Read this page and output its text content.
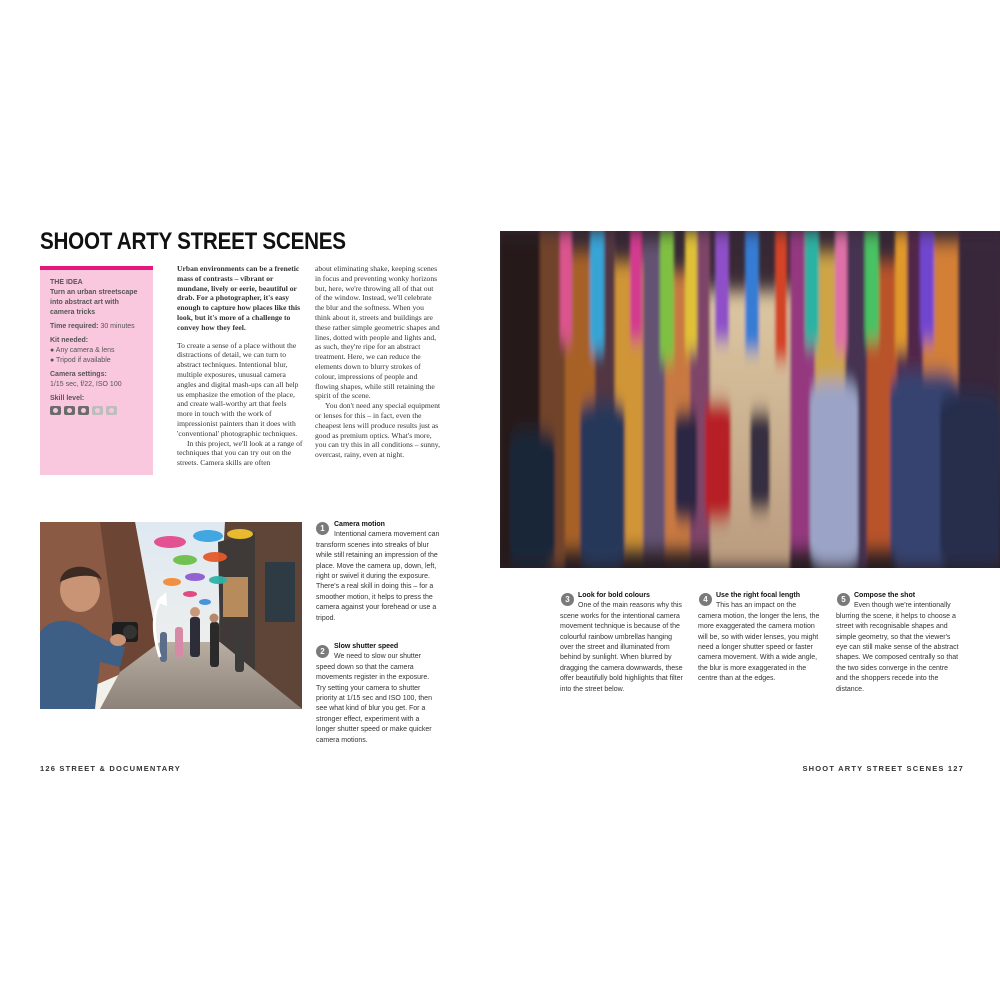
SHOOT ARTY STREET SCENES
THE IDEA
Turn an urban streetscape into abstract art with camera tricks
Time required: 30 minutes
Kit needed:
● Any camera & lens
● Tripod if available
Camera settings:
1/15 sec, f/22, ISO 100
Skill level:

Urban environments can be a frenetic mass of contrasts – vibrant or mundane, lively or eerie, beautiful or drab. For a photographer, it's easy enough to capture how places like this look, but it's more of a challenge to convey how they feel.

To create a sense of a place without the distractions of detail, we can turn to abstract techniques. Intentional blur, multiple exposures, unusual camera angles and digital mash-ups can all help us emphasize the emotion of the place, and create wall-worthy art that feels more in touch with the work of impressionist painters than it does with 'conventional' photographic techniques.

In this project, we'll look at a range of techniques that you can try out on the streets. Camera skills are often

about eliminating shake, keeping scenes in focus and preventing wonky horizons but, here, we're throwing all of that out of the window. Instead, we'll celebrate the blur and the softness. When you think about it, streets and buildings are these rather simple geometric shapes and lines, dotted with people and lights and, as such, they're ripe for an abstract treatment. Here, we can reduce the elements down to blurry strokes of colour, impressions of people and flowing shapes, while still retaining the spirit of the scene.

You don't need any special equipment or lenses for this – in fact, even the cheapest lens will produce results just as good as premium optics. What's more, you can try this in all conditions – sunny, overcast, rainy, even at night.

1	Camera motion

Intentional camera movement can transform scenes into streaks of blur while still retaining an impression of the place. Move the camera up, down, left, right or swivel it during the exposure. There's a real skill in doing this – for a smoother motion, it helps to press the camera against your forehead or use a tripod.

2

Slow shutter speed

We need to slow our shutter speed down so that the camera movements register in the exposure. Try setting your camera to shutter priority at 1/15 sec and ISO 100, then see what kind of blur you get. For a stronger effect, experiment with a longer shutter speed or make quicker camera motions.

3	Look for bold colours

One of the main reasons why this scene works for the intentional camera movement technique is because of the colourful rainbow umbrellas hanging over the street and illuminated from behind by sunlight. When blurred by dragging the camera downwards, these offer beautifully bold highlights that filter into the street below.

4	Use the right focal length

This has an impact on the camera motion, the longer the lens, the more exaggerated the camera motion will be, so with wider lenses, you might need a longer shutter speed or faster camera movement. With a wide angle, the blur is more exaggerated in the centre than at the edges.

5	Compose the shot

Even though we're intentionally blurring the scene, it helps to choose a street with recognisable shapes and simple geometry, so that the viewer's eye can still make sense of the abstract shapes. We composed centrally so that the two sides converge in the centre and the shoppers recede into the distance.

126 STREET & DOCUMENTARY	SHOOT ARTY STREET SCENES 127
